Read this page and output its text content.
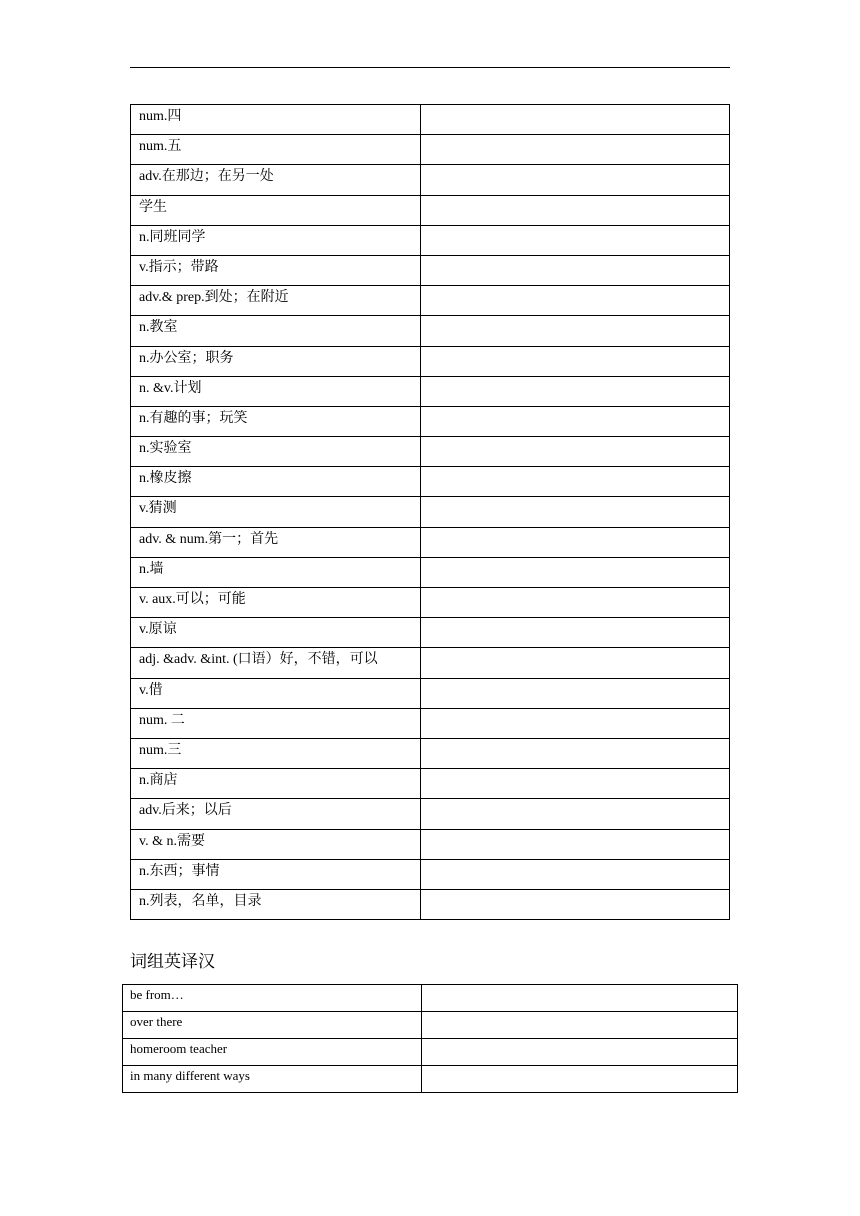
num.四	
num.五	
adv.在那边；在另一处	
学生	
n.同班同学	
v.指示；带路	
adv.& prep.到处；在附近	
n.教室	
n.办公室；职务	
n. &v.计划	
n.有趣的事；玩笑	
n.实验室	
n.橡皮擦	
v.猜测	
adv. & num.第一；首先	
n.墙	
v. aux.可以；可能	
v.原谅	
adj. &adv. &int. (口语）好，不错，可以	
v.借	
num. 二	
num.三	
n.商店	
adv.后来；以后	
v. & n.需要	
n.东西；事情	
n.列表，名单，目录	
词组英译汉
be from…	
over there	
homeroom teacher	
in many different ways	
